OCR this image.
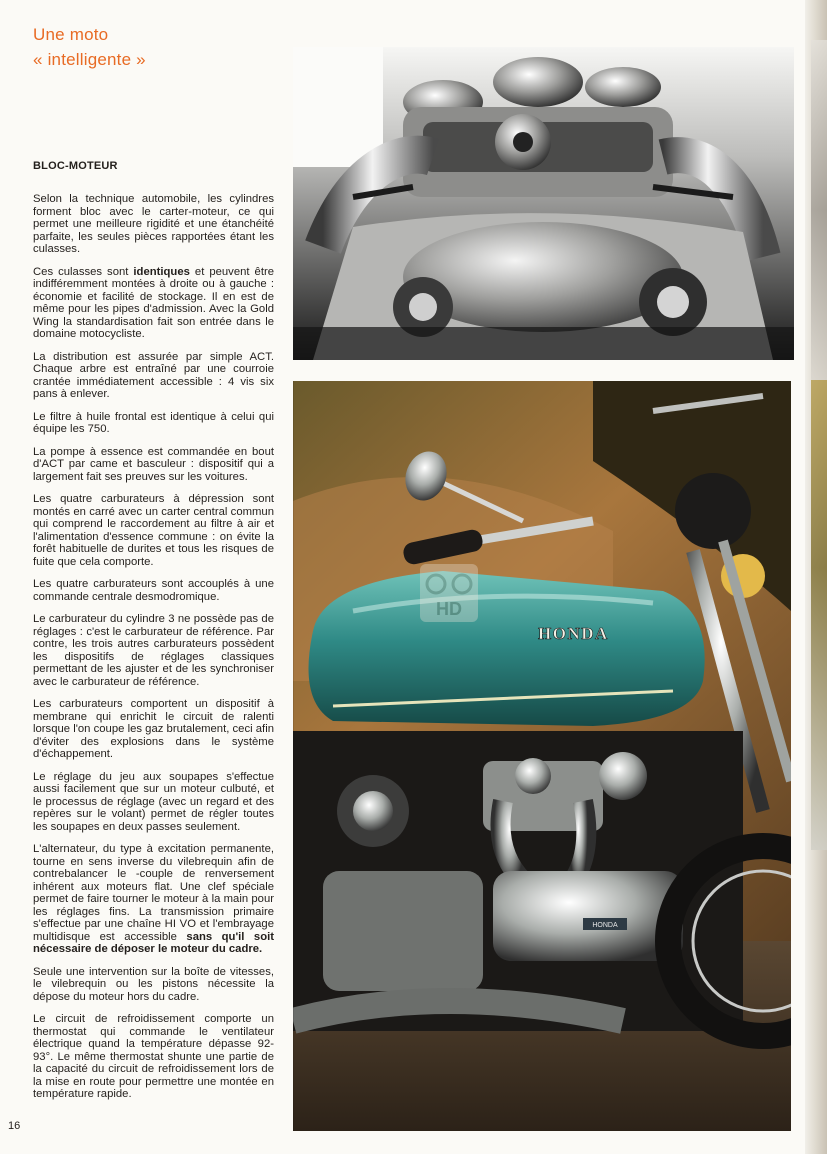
Une moto
« intelligente »
BLOC-MOTEUR

Selon la technique automobile, les cylindres forment bloc avec le carter-moteur, ce qui permet une meilleure rigidité et une étanchéité parfaite, les seules pièces rapportées étant les culasses.

Ces culasses sont identiques et peuvent être indifféremment montées à droite ou à gauche : économie et facilité de stockage. Il en est de même pour les pipes d'admission. Avec la Gold Wing la standardisation fait son entrée dans le domaine motocycliste.

La distribution est assurée par simple ACT. Chaque arbre est entraîné par une courroie crantée immédiatement accessible : 4 vis six pans à enlever.

Le filtre à huile frontal est identique à celui qui équipe les 750.

La pompe à essence est commandée en bout d'ACT par came et basculeur : dispositif qui a largement fait ses preuves sur les voitures.

Les quatre carburateurs à dépression sont montés en carré avec un carter central commun qui comprend le raccordement au filtre à air et l'alimentation d'essence commune : on évite la forêt habituelle de durites et tous les risques de fuite que cela comporte.

Les quatre carburateurs sont accouplés à une commande centrale desmodromique.

Le carburateur du cylindre 3 ne possède pas de réglages : c'est le carburateur de référence. Par contre, les trois autres carburateurs possèdent les dispositifs de réglages classiques permettant de les ajuster et de les synchroniser avec le carburateur de référence.

Les carburateurs comportent un dispositif à membrane qui enrichit le circuit de ralenti lorsque l'on coupe les gaz brutalement, ceci afin d'éviter des explosions dans le système d'échappement.

Le réglage du jeu aux soupapes s'effectue aussi facilement que sur un moteur culbuté, et le processus de réglage (avec un regard et des repères sur le volant) permet de régler toutes les soupapes en deux passes seulement.

L'alternateur, du type à excitation permanente, tourne en sens inverse du vilebrequin afin de contrebalancer le -couple de renversement inhérent aux moteurs flat. Une clef spéciale permet de faire tourner le moteur à la main pour les réglages fins. La transmission primaire s'effectue par une chaîne HI VO et l'embrayage multidisque est accessible sans qu'il soit nécessaire de déposer le moteur du cadre.

Seule une intervention sur la boîte de vitesses, le vilebrequin ou les pistons nécessite la dépose du moteur hors du cadre.

Le circuit de refroidissement comporte un thermostat qui commande le ventilateur électrique quand la température dépasse 92-93°. Le même thermostat shunte une partie de la capacité du circuit de refroidissement lors de la mise en route pour permettre une montée en température rapide.

16
HONDA
HONDA
HD
